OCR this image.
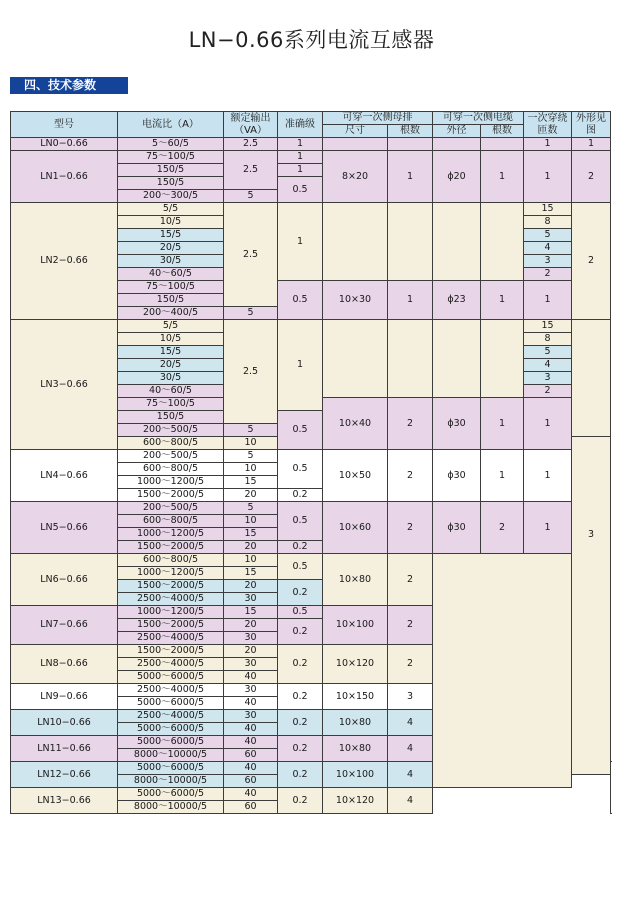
LN−0.66系列电流互感器
四、技术参数
型号	电流比（A）	额定输出（VA）	准确级	可穿一次侧母排		可穿一次侧电缆		一次穿绕匝数	外形见图	
				尺寸	根数	外径	根数			
LN0−0.66	5～60/5	2.5	1					1	1	
LN1−0.66	75～100/5	2.5	1	8×20	1	ϕ20	1	1	2	
	150/5		1							
	150/5		0.5							
	200～300/5	5								
LN2−0.66	5/5	2.5	1					15	2	
	10/5							8		
	15/5							5		
	20/5							4		
	30/5							3		
	40～60/5							2		
	75～100/5		0.5	10×30	1	ϕ23	1	1		
	150/5									
	200～400/5	5								
LN3−0.66	5/5	2.5	1					15		
	10/5							8		
	15/5							5		
	20/5							4		
	30/5							3		
	40～60/5							2		
	75～100/5			10×40	2	ϕ30	1	1		
	150/5		0.5							
	200～500/5	5								
	600～800/5	10							3	
LN4−0.66	200～500/5	5	0.5	10×50	2	ϕ30	1	1		
	600～800/5	10								
	1000～1200/5	15								
	1500～2000/5	20	0.2							
LN5−0.66	200～500/5	5	0.5	10×60	2	ϕ30	2	1		
	600～800/5	10								
	1000～1200/5	15								
	1500～2000/5	20	0.2							
LN6−0.66	600～800/5	10	0.5	10×80	2					
	1000～1200/5	15								
	1500～2000/5	20	0.2							
	2500～4000/5	30								
LN7−0.66	1000～1200/5	15	0.5	10×100	2					
	1500～2000/5	20	0.2							
	2500～4000/5	30								
LN8−0.66	1500～2000/5	20	0.2	10×120	2					
	2500～4000/5	30								
	5000～6000/5	40								
LN9−0.66	2500～4000/5	30	0.2	10×150	3					
	5000～6000/5	40								
LN10−0.66	2500～4000/5	30	0.2	10×80	4					
	5000～6000/5	40								
LN11−0.66	5000～6000/5	40	0.2	10×80	4					
	8000～10000/5	60								
LN12−0.66	5000～6000/5	40	0.2	10×100	4					
	8000～10000/5	60								
LN13−0.66	5000～6000/5	40	0.2	10×120	4					
	8000～10000/5	60								
